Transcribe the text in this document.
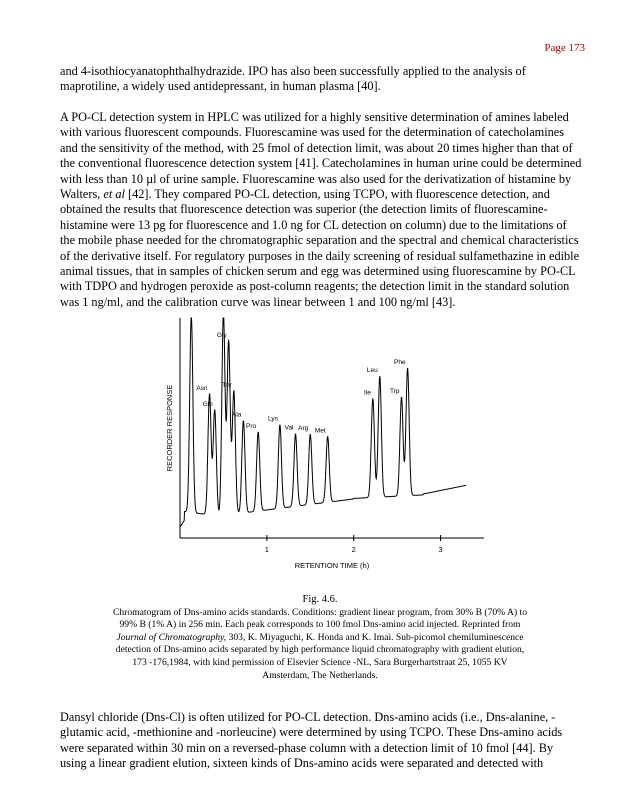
Page 173

and 4-isothiocyanatophthalhydrazide. IPO has also been successfully applied to the analysis of maprotiline, a widely used antidepressant, in human plasma [40].

A PO-CL detection system in HPLC was utilized for a highly sensitive determination of amines labeled with various fluorescent compounds. Fluorescamine was used for the determination of catecholamines and the sensitivity of the method, with 25 fmol of detection limit, was about 20 times higher than that of the conventional fluorescence detection system [41]. Catecholamines in human urine could be determined with less than 10 µl of urine sample. Fluorescamine was also used for the derivatization of histamine by Walters, et al [42]. They compared PO-CL detection, using TCPO, with fluorescence detection, and obtained the results that fluorescence detection was superior (the detection limits of fluorescamine-histamine were 13 pg for fluorescence and 1.0 ng for CL detection on column) due to the limitations of the mobile phase needed for the chromatographic separation and the spectral and chemical characteristics of the derivative itself. For regulatory purposes in the daily screening of residual sulfamethazine in edible animal tissues, that in samples of chicken serum and egg was determined using fluorescamine by PO-CL with TDPO and hydrogen peroxide as post-column reagents; the detection limit in the standard solution was 1 ng/ml, and the calibration curve was linear between 1 and 100 ng/ml [43].

1	2	3
Asn
Gln
Gly
Thr
Ala
Pro
Lys
Val Arg Met
Ile
Leu
Trp
Phe
RETENTION TIME (h)
RECORDER RESPONSE

Fig. 4.6.
Chromatogram of Dns-amino acids standards. Conditions: gradient linear program, from 30% B (70% A) to 99% B (1% A) in 256 min. Each peak corresponds to 100 fmol Dns-amino acid injected. Reprinted from Journal of Chromatography, 303, K. Miyaguchi, K. Honda and K. Imai. Sub-picomol chemiluminescence detection of Dns-amino acids separated by high performance liquid chromatography with gradient elution, 173 -176,1984, with kind permission of Elsevier Science -NL, Sara Burgerhartstraat 25, 1055 KV Amsterdam, The Netherlands.

Dansyl chloride (Dns-Cl) is often utilized for PO-CL detection. Dns-amino acids (i.e., Dns-alanine, -glutamic acid, -methionine and -norleucine) were determined by using TCPO. These Dns-amino acids were separated within 30 min on a reversed-phase column with a detection limit of 10 fmol [44]. By using a linear gradient elution, sixteen kinds of Dns-amino acids were separated and detected with
